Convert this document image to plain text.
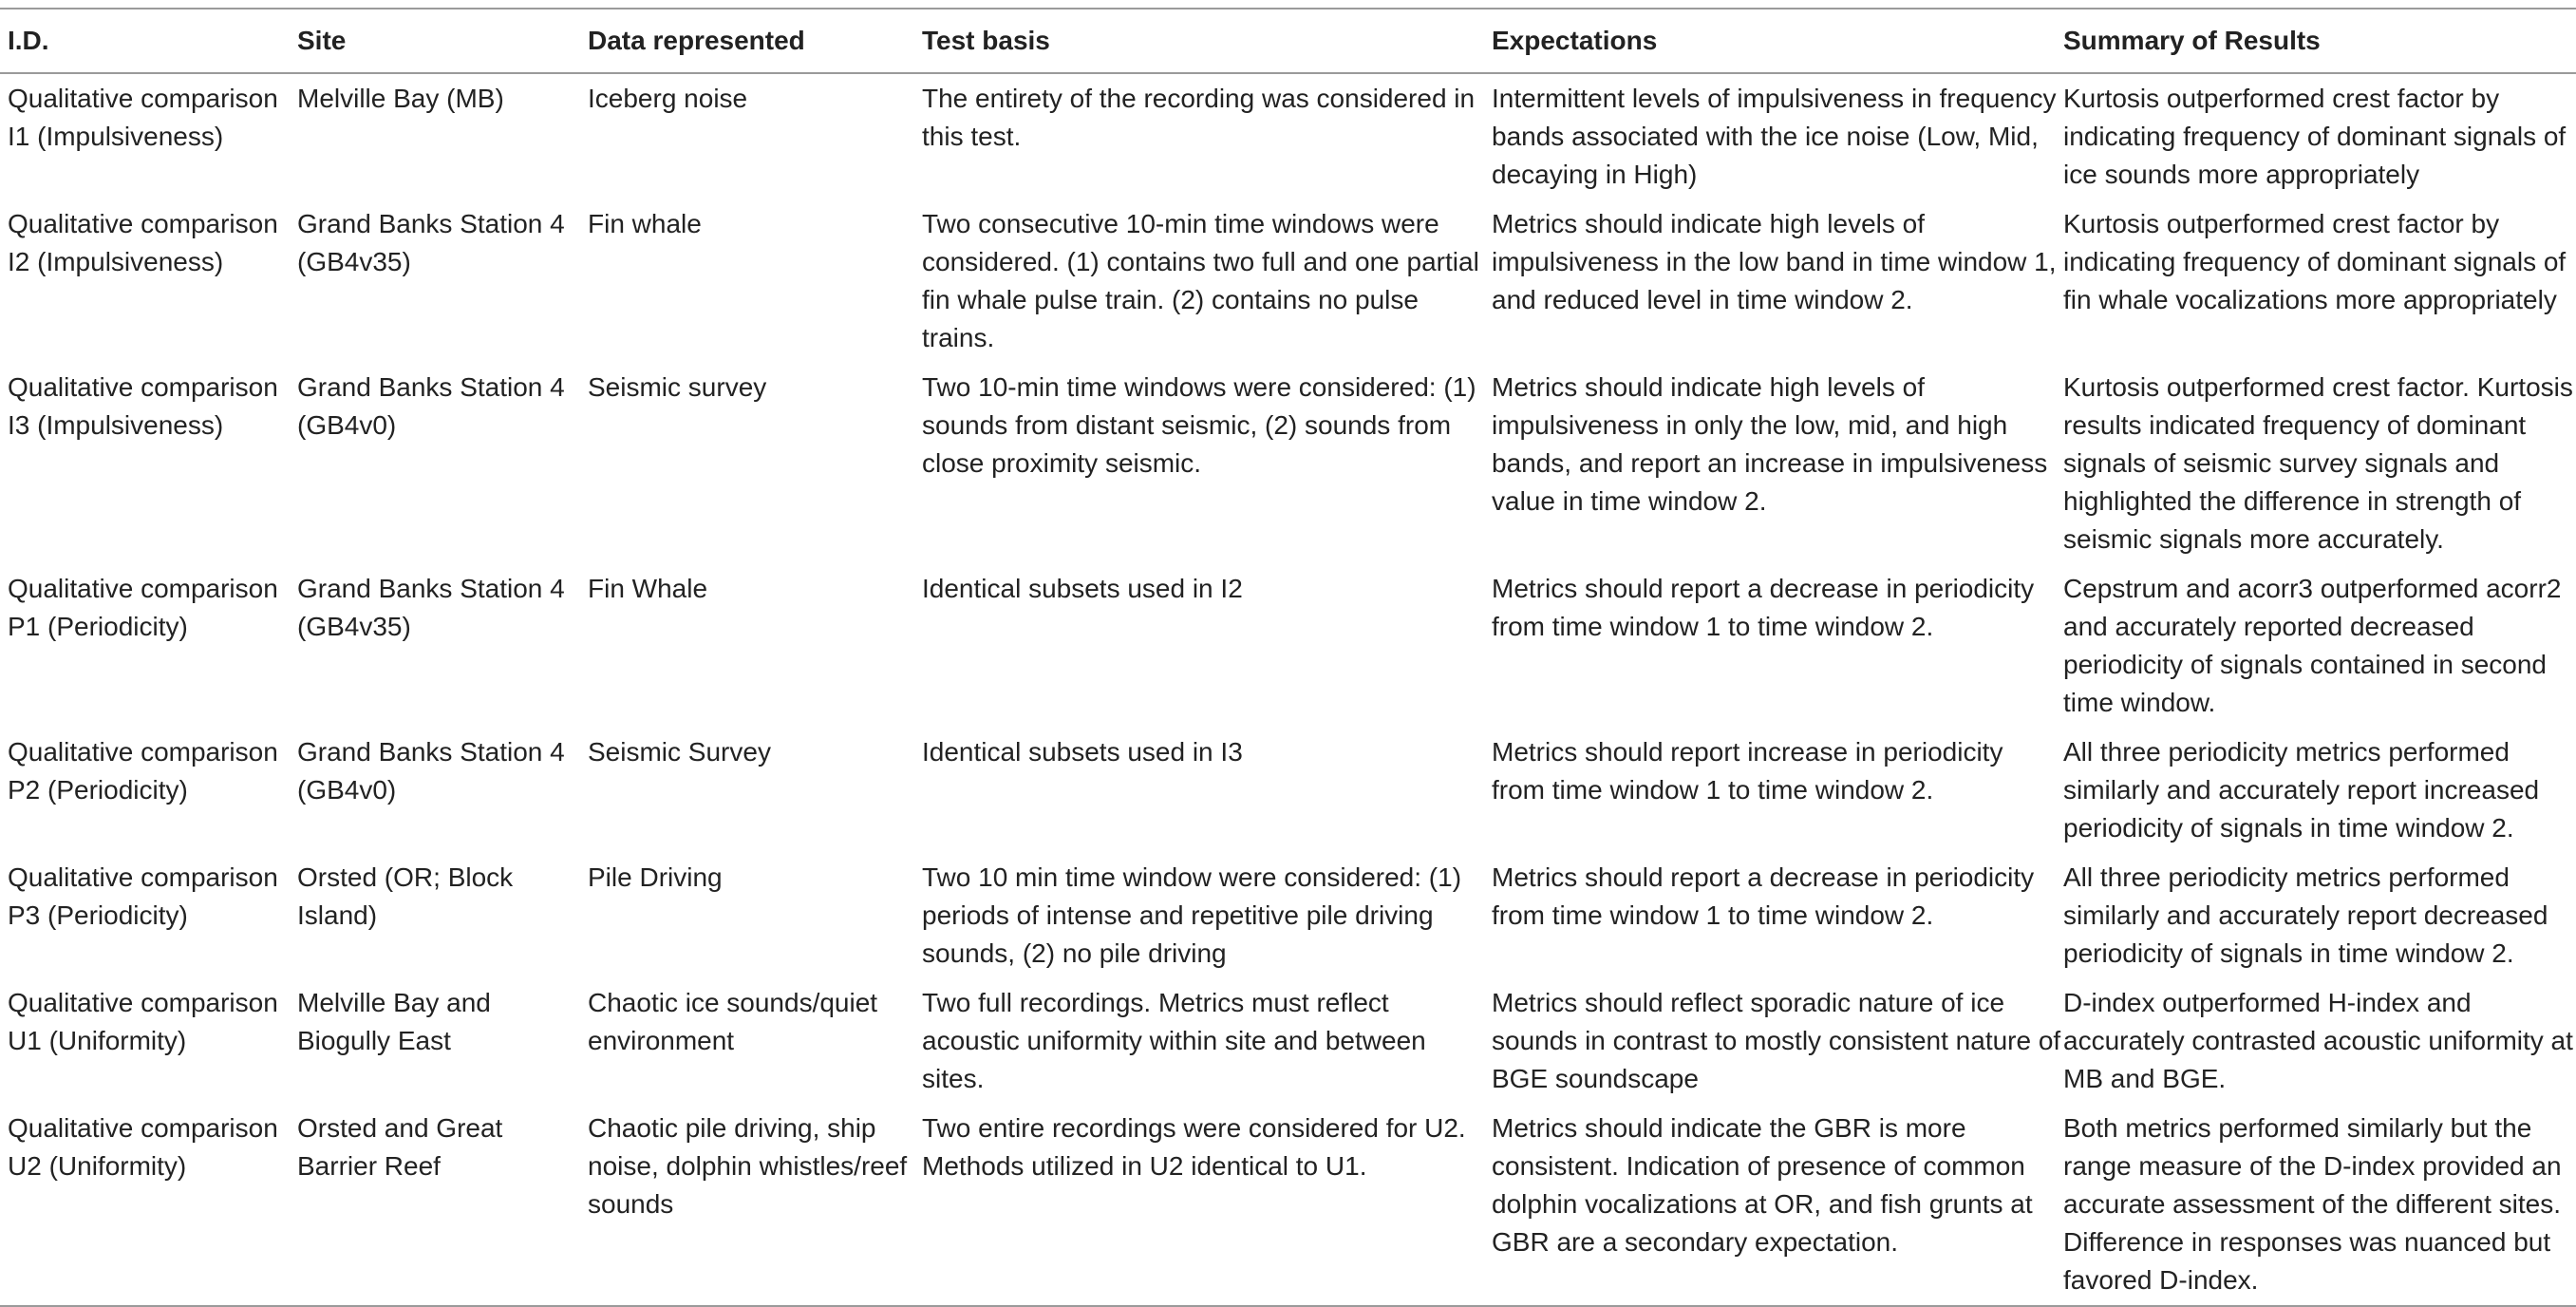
I.D.	Site	Data represented	Test basis	Expectations	Summary of Results
Qualitative comparison I1 (Impulsiveness)	Melville Bay (MB)	Iceberg noise	The entirety of the recording was considered in this test.	Intermittent levels of impulsiveness in frequency bands associated with the ice noise (Low, Mid, decaying in High)	Kurtosis outperformed crest factor by indicating frequency of dominant signals of ice sounds more appropriately
Qualitative comparison I2 (Impulsiveness)	Grand Banks Station 4 (GB4v35)	Fin whale	Two consecutive 10-min time windows were considered. (1) contains two full and one partial fin whale pulse train. (2) contains no pulse trains.	Metrics should indicate high levels of impulsiveness in the low band in time window 1, and reduced level in time window 2.	Kurtosis outperformed crest factor by indicating frequency of dominant signals of fin whale vocalizations more appropriately
Qualitative comparison I3 (Impulsiveness)	Grand Banks Station 4 (GB4v0)	Seismic survey	Two 10-min time windows were considered: (1) sounds from distant seismic, (2) sounds from close proximity seismic.	Metrics should indicate high levels of impulsiveness in only the low, mid, and high bands, and report an increase in impulsiveness value in time window 2.	Kurtosis outperformed crest factor. Kurtosis results indicated frequency of dominant signals of seismic survey signals and highlighted the difference in strength of seismic signals more accurately.
Qualitative comparison P1 (Periodicity)	Grand Banks Station 4 (GB4v35)	Fin Whale	Identical subsets used in I2	Metrics should report a decrease in periodicity from time window 1 to time window 2.	Cepstrum and acorr3 outperformed acorr2 and accurately reported decreased periodicity of signals contained in second time window.
Qualitative comparison P2 (Periodicity)	Grand Banks Station 4 (GB4v0)	Seismic Survey	Identical subsets used in I3	Metrics should report increase in periodicity from time window 1 to time window 2.	All three periodicity metrics performed similarly and accurately report increased periodicity of signals in time window 2.
Qualitative comparison P3 (Periodicity)	Orsted (OR; Block Island)	Pile Driving	Two 10 min time window were considered: (1) periods of intense and repetitive pile driving sounds, (2) no pile driving	Metrics should report a decrease in periodicity from time window 1 to time window 2.	All three periodicity metrics performed similarly and accurately report decreased periodicity of signals in time window 2.
Qualitative comparison U1 (Uniformity)	Melville Bay and Biogully East	Chaotic ice sounds/quiet environment	Two full recordings. Metrics must reflect acoustic uniformity within site and between sites.	Metrics should reflect sporadic nature of ice sounds in contrast to mostly consistent nature of BGE soundscape	D-index outperformed H-index and accurately contrasted acoustic uniformity at MB and BGE.
Qualitative comparison U2 (Uniformity)	Orsted and Great Barrier Reef	Chaotic pile driving, ship noise, dolphin whistles/reef sounds	Two entire recordings were considered for U2. Methods utilized in U2 identical to U1.	Metrics should indicate the GBR is more consistent. Indication of presence of common dolphin vocalizations at OR, and fish grunts at GBR are a secondary expectation.	Both metrics performed similarly but the range measure of the D-index provided an accurate assessment of the different sites. Difference in responses was nuanced but favored D-index.
